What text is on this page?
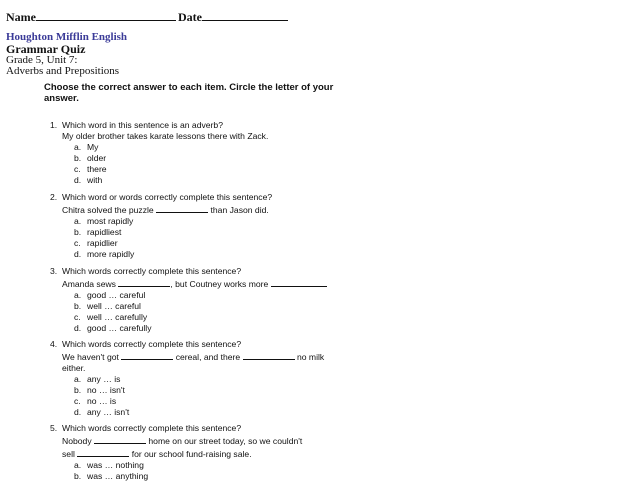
Name	Date
Houghton Mifflin English
Grammar Quiz
Grade 5, Unit 7:
Adverbs and Prepositions
Choose the correct answer to each item. Circle the letter of your answer.
1. Which word in this sentence is an adverb?
My older brother takes karate lessons there with Zack.
a. My
b. older
c. there
d. with
2. Which word or words correctly complete this sentence?
Chitra solved the puzzle	than Jason did.
a. most rapidly
b. rapidliest
c. rapidlier
d. more rapidly
3. Which words correctly complete this sentence?
Amanda sews	, but Coutney works more
a. good … careful
b. well … careful
c. well … carefully
d. good … carefully
4. Which words correctly complete this sentence?
We haven't got	cereal, and there	no milk
either.
a. any … is
b. no … isn't
c. no … is
d. any … isn't
5. Which words correctly complete this sentence?
Nobody	home on our street today, so we couldn't
sell	for our school fund-raising sale.
a. was … nothing
b. was … anything
